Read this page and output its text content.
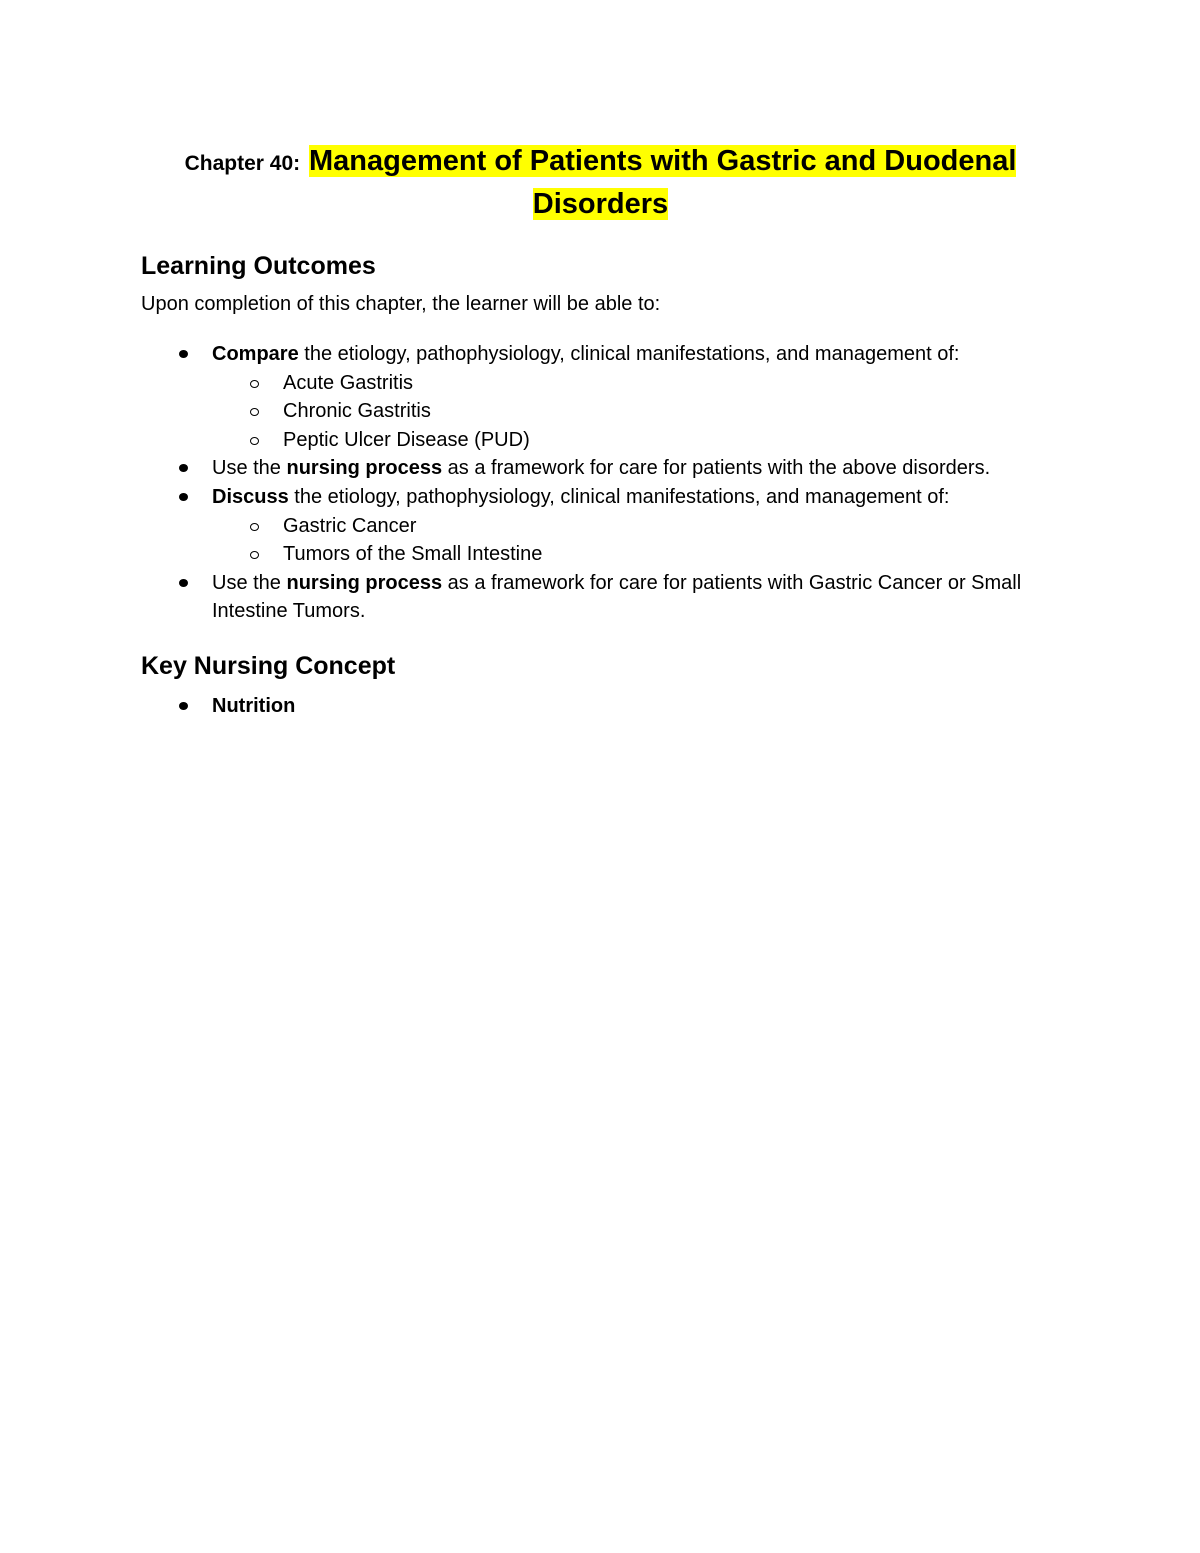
Chapter 40: Management of Patients with Gastric and Duodenal Disorders
Learning Outcomes

Upon completion of this chapter, the learner will be able to:

Compare the etiology, pathophysiology, clinical manifestations, and management of:
Acute Gastritis
Chronic Gastritis
Peptic Ulcer Disease (PUD)
Use the nursing process as a framework for care for patients with the above disorders.
Discuss the etiology, pathophysiology, clinical manifestations, and management of:
Gastric Cancer
Tumors of the Small Intestine
Use the nursing process as a framework for care for patients with Gastric Cancer or Small Intestine Tumors.
Key Nursing Concept
Nutrition
